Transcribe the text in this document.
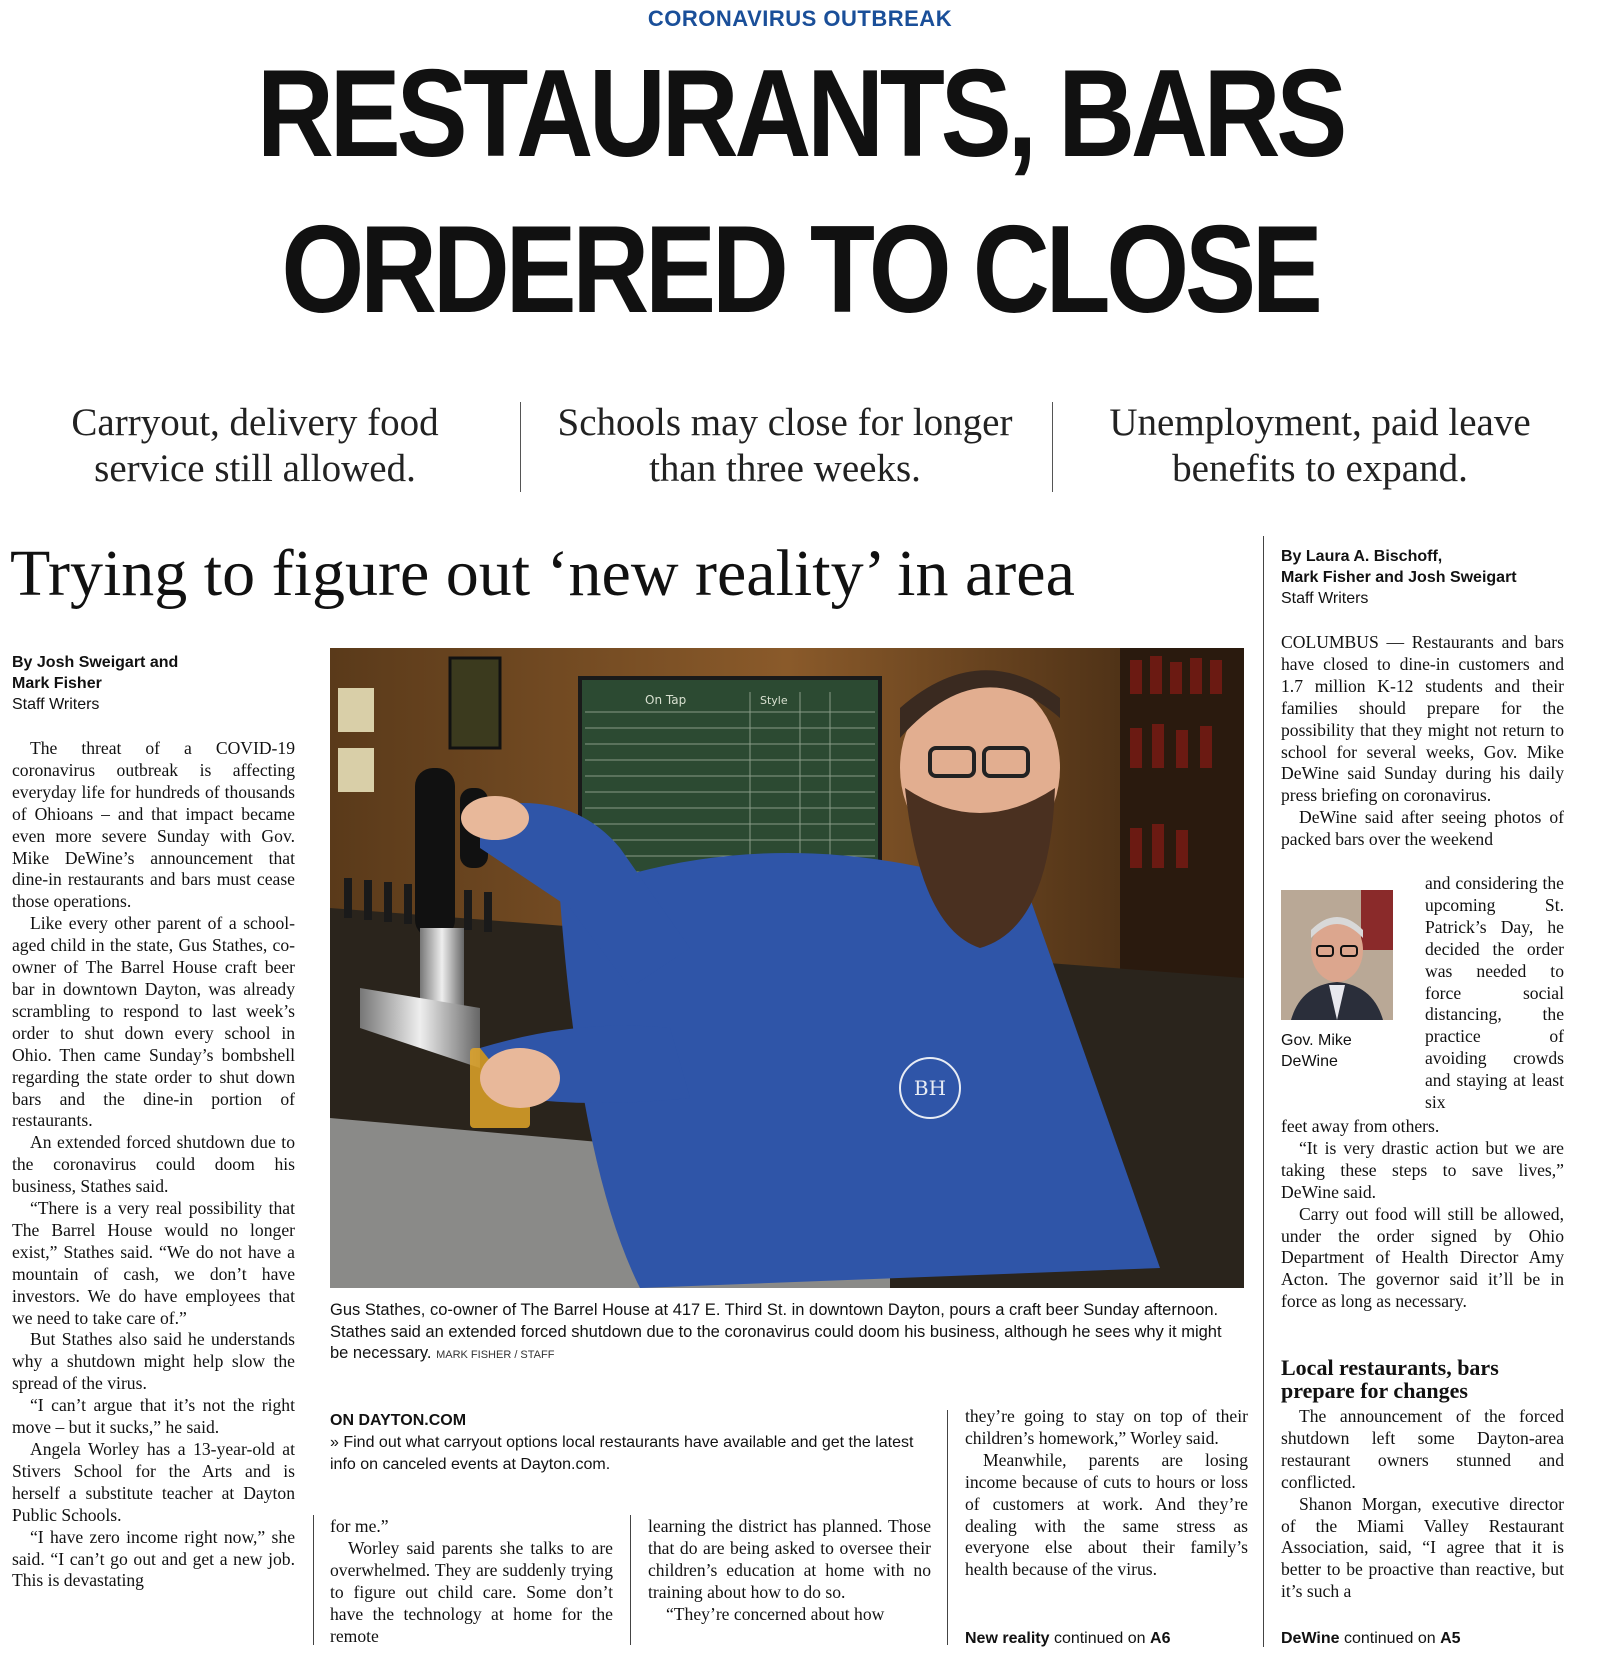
CORONAVIRUS OUTBREAK
RESTAURANTS, BARS
ORDERED TO CLOSE
Carryout, delivery food service still allowed.
Schools may close for longer than three weeks.
Unemployment, paid leave benefits to expand.
Trying to figure out ‘new reality’ in area
By Josh Sweigart and Mark Fisher
Staff Writers

The threat of a COVID-19 coronavirus outbreak is affecting everyday life for hundreds of thousands of Ohioans – and that impact became even more severe Sunday with Gov. Mike DeWine’s announcement that dine-in restaurants and bars must cease those operations.

Like every other parent of a school-aged child in the state, Gus Stathes, co-owner of The Barrel House craft beer bar in downtown Dayton, was already scrambling to respond to last week’s order to shut down every school in Ohio. Then came Sunday’s bombshell regarding the state order to shut down bars and the dine-in portion of restaurants.

An extended forced shutdown due to the coronavirus could doom his business, Stathes said.

“There is a very real possibility that The Barrel House would no longer exist,” Stathes said. “We do not have a mountain of cash, we don’t have investors. We do have employees that we need to take care of.”

But Stathes also said he understands why a shutdown might help slow the spread of the virus.

“I can’t argue that it’s not the right move – but it sucks,” he said.

Angela Worley has a 13-year-old at Stivers School for the Arts and is herself a substitute teacher at Dayton Public Schools.

“I have zero income right now,” she said. “I can’t go out and get a new job. This is devastating

On Tap	Style
BH
Gus Stathes, co-owner of The Barrel House at 417 E. Third St. in downtown Dayton, pours a craft beer Sunday afternoon. Stathes said an extended forced shutdown due to the coronavirus could doom his business, although he sees why it might be necessary. MARK FISHER / STAFF
ON DAYTON.COM
» Find out what carryout options local restaurants have available and get the latest info on canceled events at Dayton.com.

for me.”

Worley said parents she talks to are overwhelmed. They are suddenly trying to figure out child care. Some don’t have the technology at home for the remote

learning the district has planned. Those that do are being asked to oversee their children’s education at home with no training about how to do so.

“They’re concerned about how

they’re going to stay on top of their children’s homework,” Worley said.

Meanwhile, parents are losing income because of cuts to hours or loss of customers at work. And they’re dealing with the same stress as everyone else about their family’s health because of the virus.

New reality continued on A6
By Laura A. Bischoff,
Mark Fisher and Josh Sweigart
Staff Writers

COLUMBUS — Restaurants and bars have closed to dine-in customers and 1.7 million K-12 students and their families should prepare for the possibility that they might not return to school for several weeks, Gov. Mike DeWine said Sunday during his daily press briefing on coronavirus.

DeWine said after seeing photos of packed bars over the weekend

Gov. Mike DeWine

and considering the upcoming St. Patrick’s Day, he decided the order was needed to force social distancing, the practice of avoiding crowds and staying at least six

feet away from others.

“It is very drastic action but we are taking these steps to save lives,” DeWine said.

Carry out food will still be allowed, under the order signed by Ohio Department of Health Director Amy Acton. The governor said it’ll be in force as long as necessary.

Local restaurants, bars prepare for changes

The announcement of the forced shutdown left some Dayton-area restaurant owners stunned and conflicted.

Shanon Morgan, executive director of the Miami Valley Restaurant Association, said, “I agree that it is better to be proactive than reactive, but it’s such a

DeWine continued on A5
